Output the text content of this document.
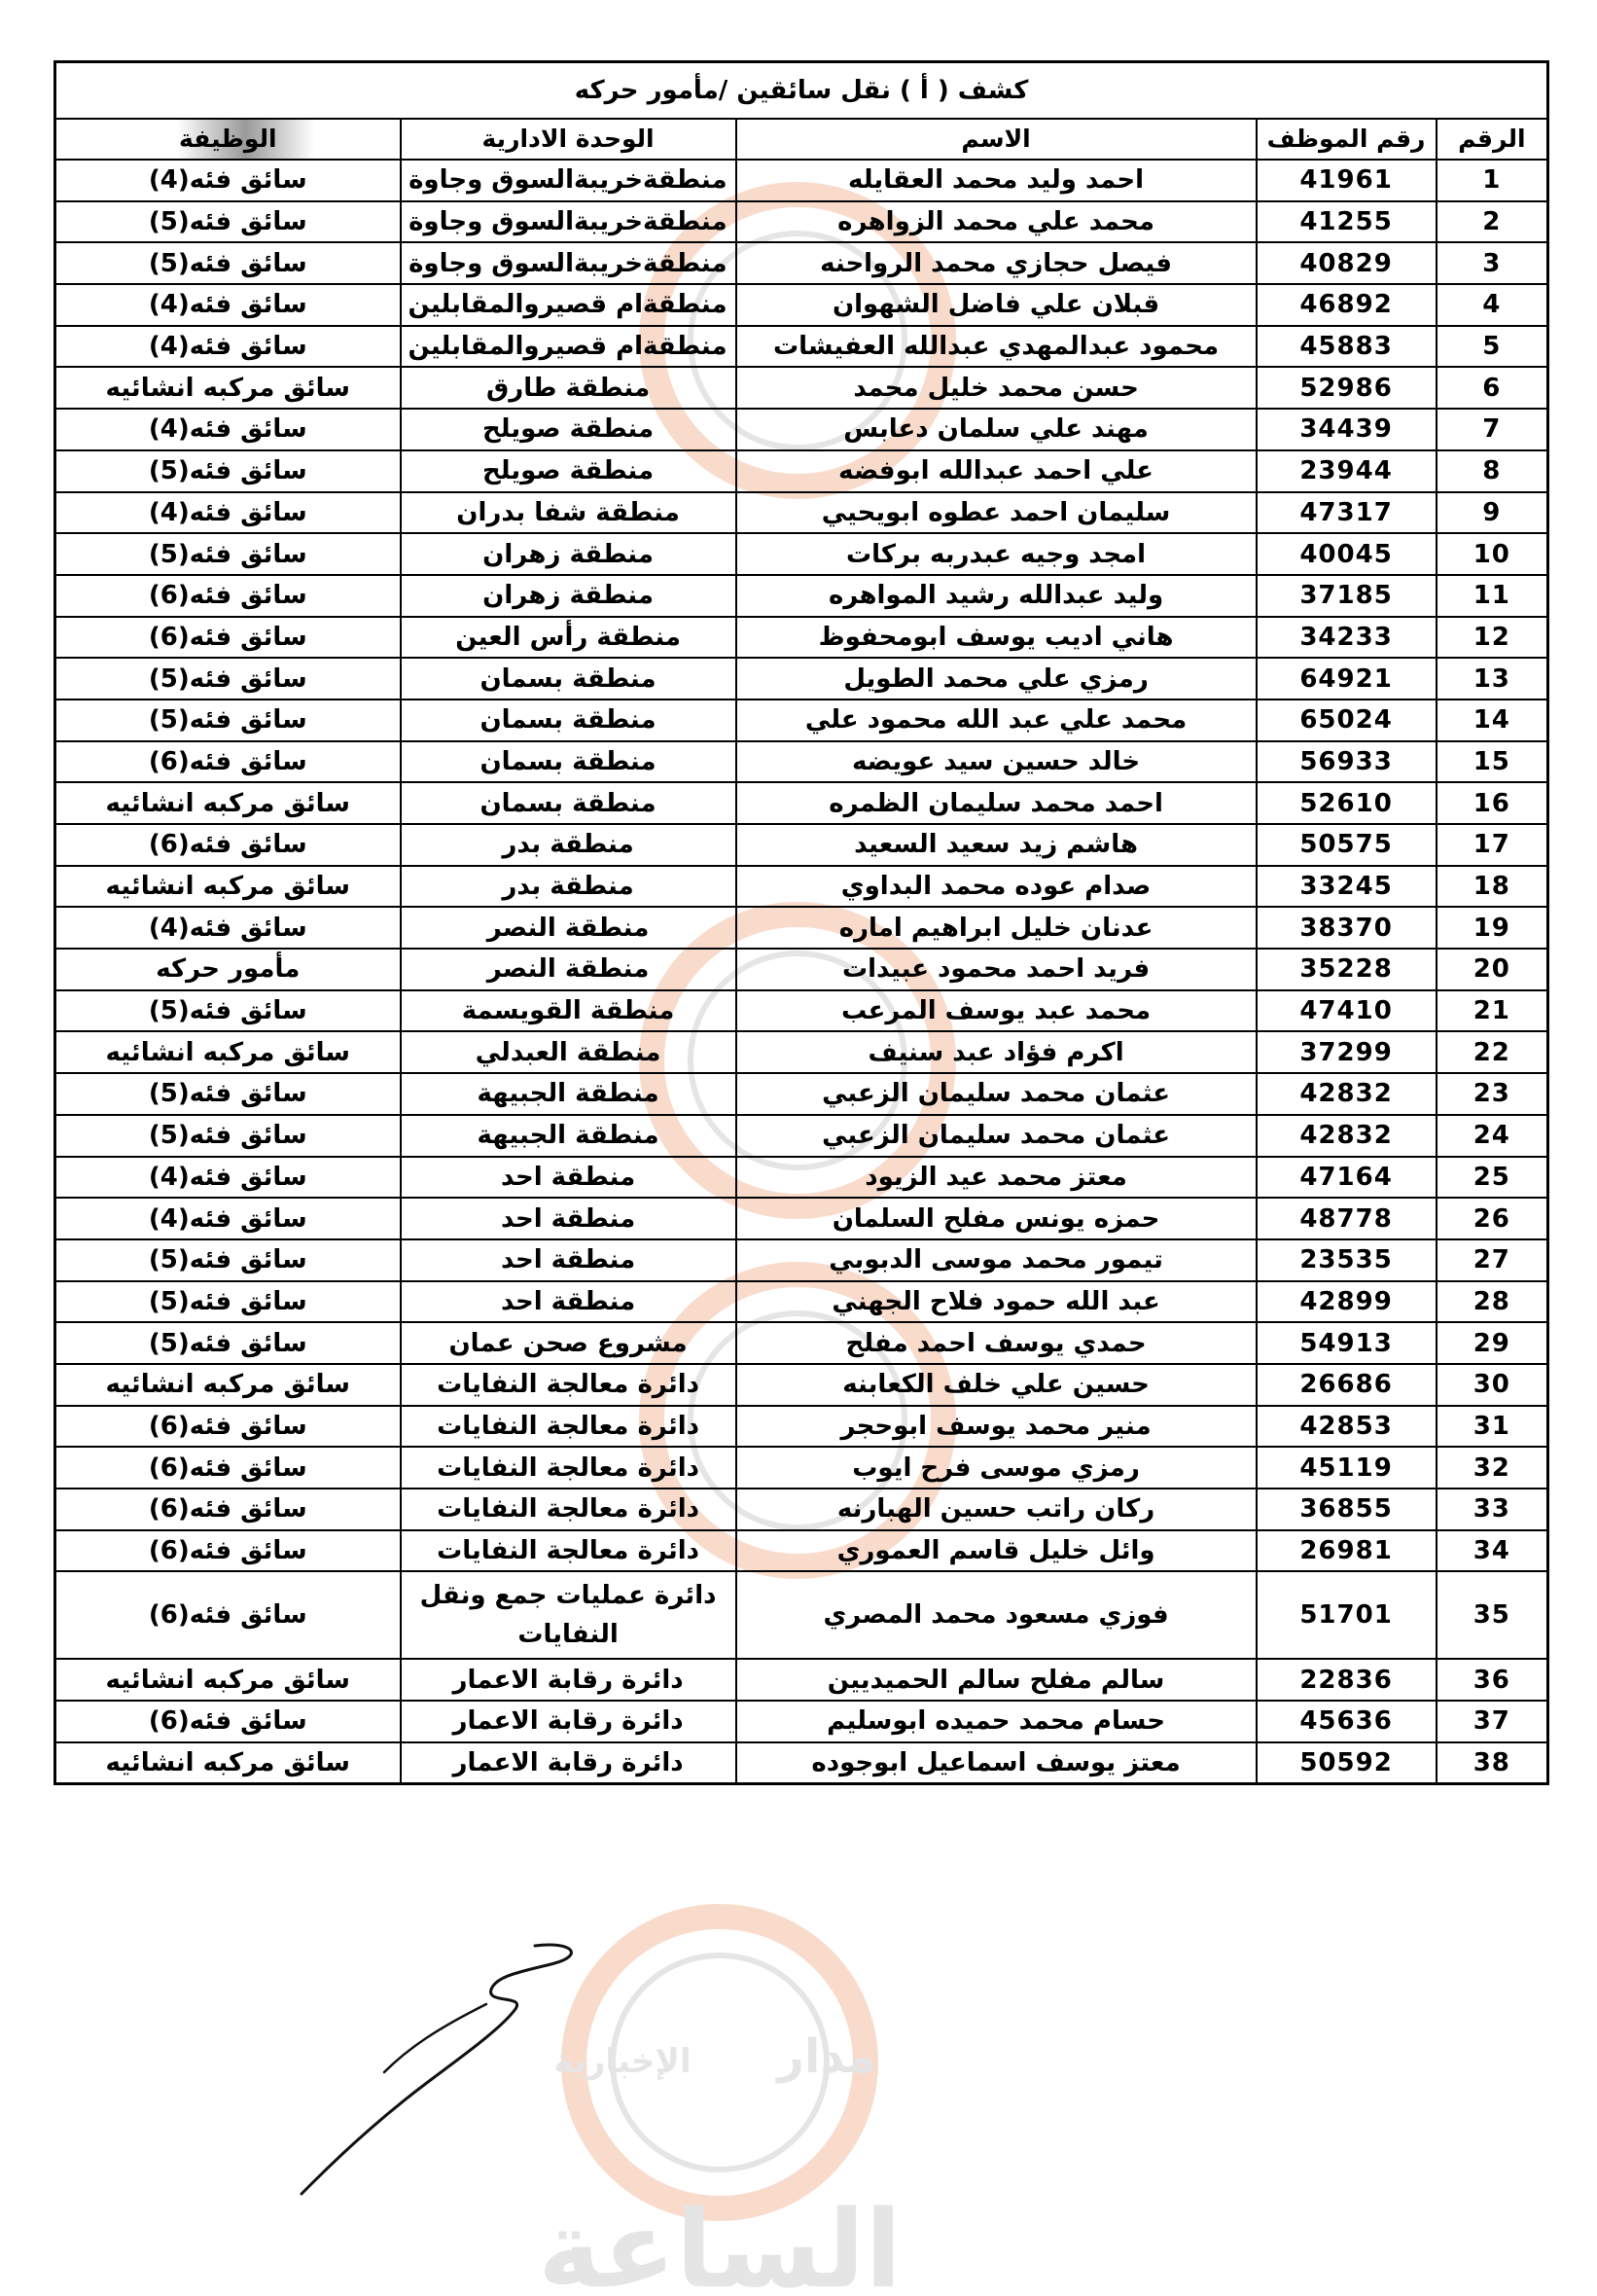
مدار
الإخبارية
الساعة
كشف ( أ ) نقل سائقين /مأمور حركه				
الرقم	رقم الموظف	الاسم	الوحدة الادارية	الوظيفة
1	41961	احمد وليد محمد العقايله	منطقةخريبةالسوق وجاوة	سائق فئه(4)
2	41255	محمد علي محمد الزواهره	منطقةخريبةالسوق وجاوة	سائق فئه(5)
3	40829	فيصل حجازي محمد الرواحنه	منطقةخريبةالسوق وجاوة	سائق فئه(5)
4	46892	قبلان علي فاضل الشهوان	منطقةام قصيروالمقابلين	سائق فئه(4)
5	45883	محمود عبدالمهدي عبدالله العفيشات	منطقةام قصيروالمقابلين	سائق فئه(4)
6	52986	حسن محمد خليل محمد	منطقة طارق	سائق مركبه انشائيه
7	34439	مهند علي سلمان دعابس	منطقة صويلح	سائق فئه(4)
8	23944	علي احمد عبدالله ابوفضه	منطقة صويلح	سائق فئه(5)
9	47317	سليمان احمد عطوه ابويحيي	منطقة شفا بدران	سائق فئه(4)
10	40045	امجد وجيه عبدربه بركات	منطقة زهران	سائق فئه(5)
11	37185	وليد عبدالله رشيد المواهره	منطقة زهران	سائق فئه(6)
12	34233	هاني اديب يوسف ابومحفوظ	منطقة رأس العين	سائق فئه(6)
13	64921	رمزي علي محمد الطويل	منطقة بسمان	سائق فئه(5)
14	65024	محمد علي عبد الله محمود علي	منطقة بسمان	سائق فئه(5)
15	56933	خالد حسين سيد عويضه	منطقة بسمان	سائق فئه(6)
16	52610	احمد محمد سليمان الظمره	منطقة بسمان	سائق مركبه انشائيه
17	50575	هاشم زيد سعيد السعيد	منطقة بدر	سائق فئه(6)
18	33245	صدام عوده محمد البداوي	منطقة بدر	سائق مركبه انشائيه
19	38370	عدنان خليل ابراهيم اماره	منطقة النصر	سائق فئه(4)
20	35228	فريد احمد محمود عبيدات	منطقة النصر	مأمور حركه
21	47410	محمد عبد يوسف المرعب	منطقة القويسمة	سائق فئه(5)
22	37299	اكرم فؤاد عبد سنيف	منطقة العبدلي	سائق مركبه انشائيه
23	42832	عثمان محمد سليمان الزعبي	منطقة الجبيهة	سائق فئه(5)
24	42832	عثمان محمد سليمان الزعبي	منطقة الجبيهة	سائق فئه(5)
25	47164	معتز محمد عيد الزيود	منطقة احد	سائق فئه(4)
26	48778	حمزه يونس مفلح السلمان	منطقة احد	سائق فئه(4)
27	23535	تيمور محمد موسى الدبوبي	منطقة احد	سائق فئه(5)
28	42899	عبد الله حمود فلاح الجهني	منطقة احد	سائق فئه(5)
29	54913	حمدي يوسف احمد مفلح	مشروع صحن عمان	سائق فئه(5)
30	26686	حسين علي خلف الكعابنه	دائرة معالجة النفايات	سائق مركبه انشائيه
31	42853	منير محمد يوسف ابوحجر	دائرة معالجة النفايات	سائق فئه(6)
32	45119	رمزي موسى فرح ايوب	دائرة معالجة النفايات	سائق فئه(6)
33	36855	ركان راتب حسين الهبارنه	دائرة معالجة النفايات	سائق فئه(6)
34	26981	وائل خليل قاسم العموري	دائرة معالجة النفايات	سائق فئه(6)
35	51701	فوزي مسعود محمد المصري	دائرة عمليات جمع ونقل النفايات	سائق فئه(6)
36	22836	سالم مفلح سالم الحميديين	دائرة رقابة الاعمار	سائق مركبه انشائيه
37	45636	حسام محمد حميده ابوسليم	دائرة رقابة الاعمار	سائق فئه(6)
38	50592	معتز يوسف اسماعيل ابوجوده	دائرة رقابة الاعمار	سائق مركبه انشائيه
